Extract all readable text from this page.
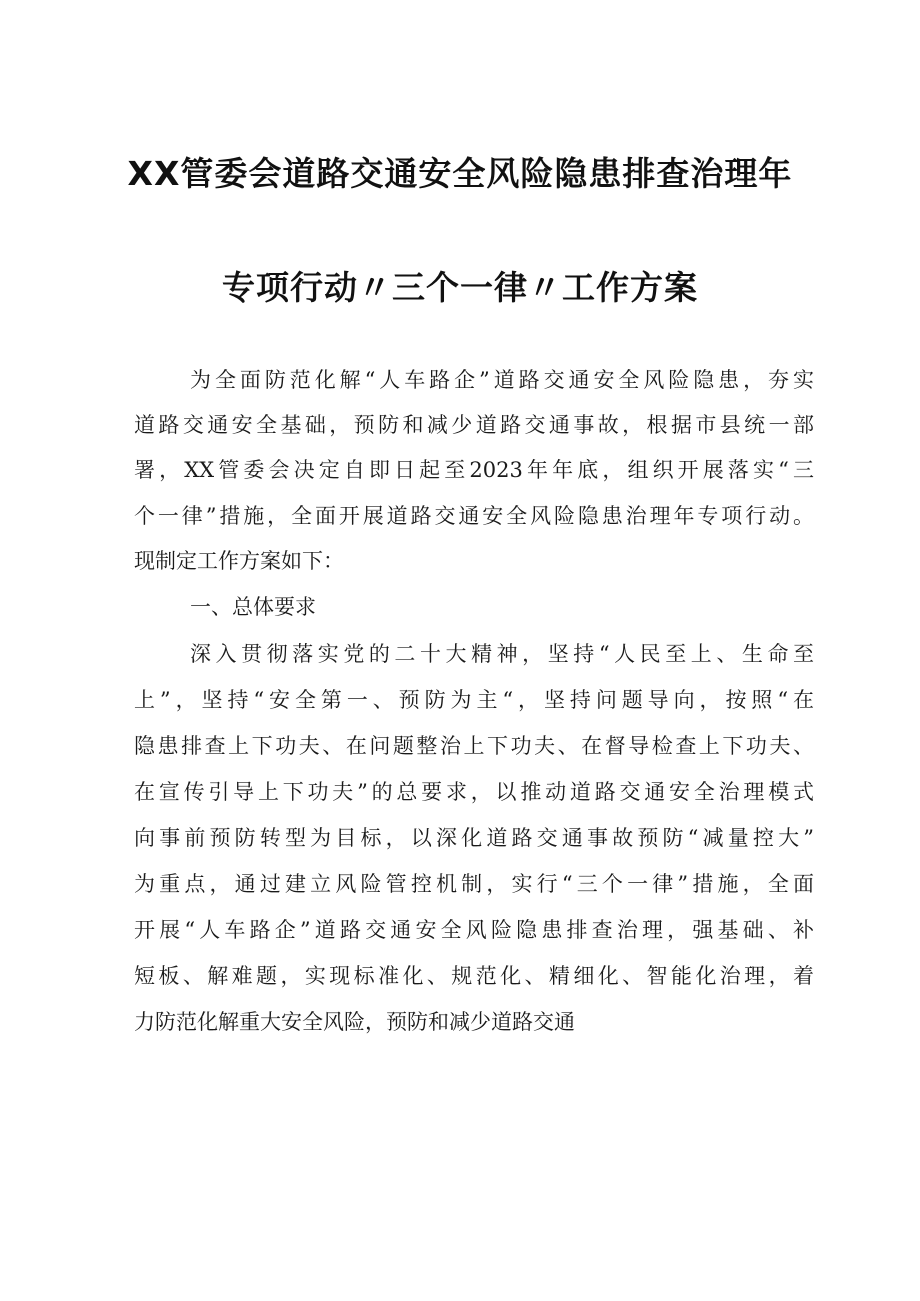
XX管委会道路交通安全风险隐患排查治理年
专项行动〃三个一律〃工作方案
为全面防范化解“人车路企”道路交通安全风险隐患，夯实
道路交通安全基础，预防和减少道路交通事故，根据市县统一部
署，XX管委会决定自即日起至2023年年底，组织开展落实“三
个一律”措施，全面开展道路交通安全风险隐患治理年专项行动。
现制定工作方案如下：
一、总体要求
深入贯彻落实党的二十大精神，坚持“人民至上、生命至
上”，坚持“安全第一、预防为主“，坚持问题导向，按照“在
隐患排查上下功夫、在问题整治上下功夫、在督导检查上下功夫、
在宣传引导上下功夫”的总要求，以推动道路交通安全治理模式
向事前预防转型为目标，以深化道路交通事故预防“减量控大”
为重点，通过建立风险管控机制，实行“三个一律”措施，全面
开展“人车路企”道路交通安全风险隐患排查治理，强基础、补
短板、解难题，实现标准化、规范化、精细化、智能化治理，着
力防范化解重大安全风险，预防和减少道路交通
